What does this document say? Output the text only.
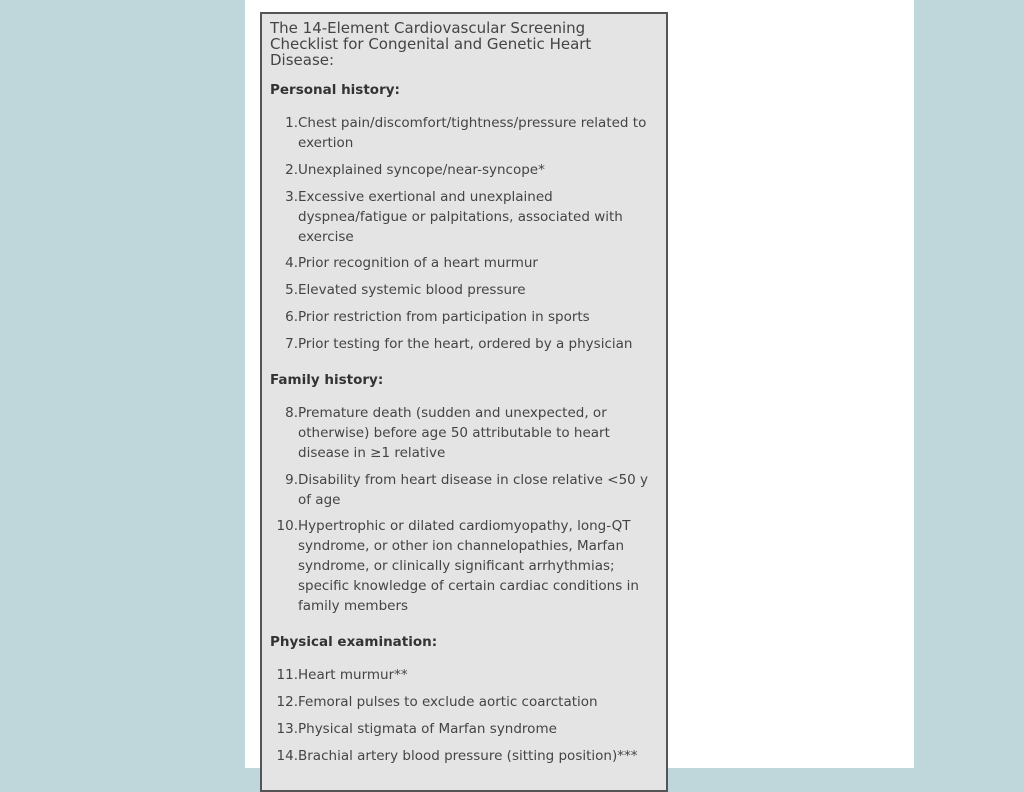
The 14-Element Cardiovascular Screening Checklist for Congenital and Genetic Heart Disease:
Personal history:
1. Chest pain/discomfort/tightness/pressure related to exertion
2. Unexplained syncope/near-syncope*
3. Excessive exertional and unexplained dyspnea/fatigue or palpitations, associated with exercise
4. Prior recognition of a heart murmur
5. Elevated systemic blood pressure
6. Prior restriction from participation in sports
7. Prior testing for the heart, ordered by a physician
Family history:
8. Premature death (sudden and unexpected, or otherwise) before age 50 attributable to heart disease in ≥1 relative
9. Disability from heart disease in close relative <50 y of age
10. Hypertrophic or dilated cardiomyopathy, long-QT syndrome, or other ion channelopathies, Marfan syndrome, or clinically significant arrhythmias; specific knowledge of certain cardiac conditions in family members
Physical examination:
11. Heart murmur**
12. Femoral pulses to exclude aortic coarctation
13. Physical stigmata of Marfan syndrome
14. Brachial artery blood pressure (sitting position)***
